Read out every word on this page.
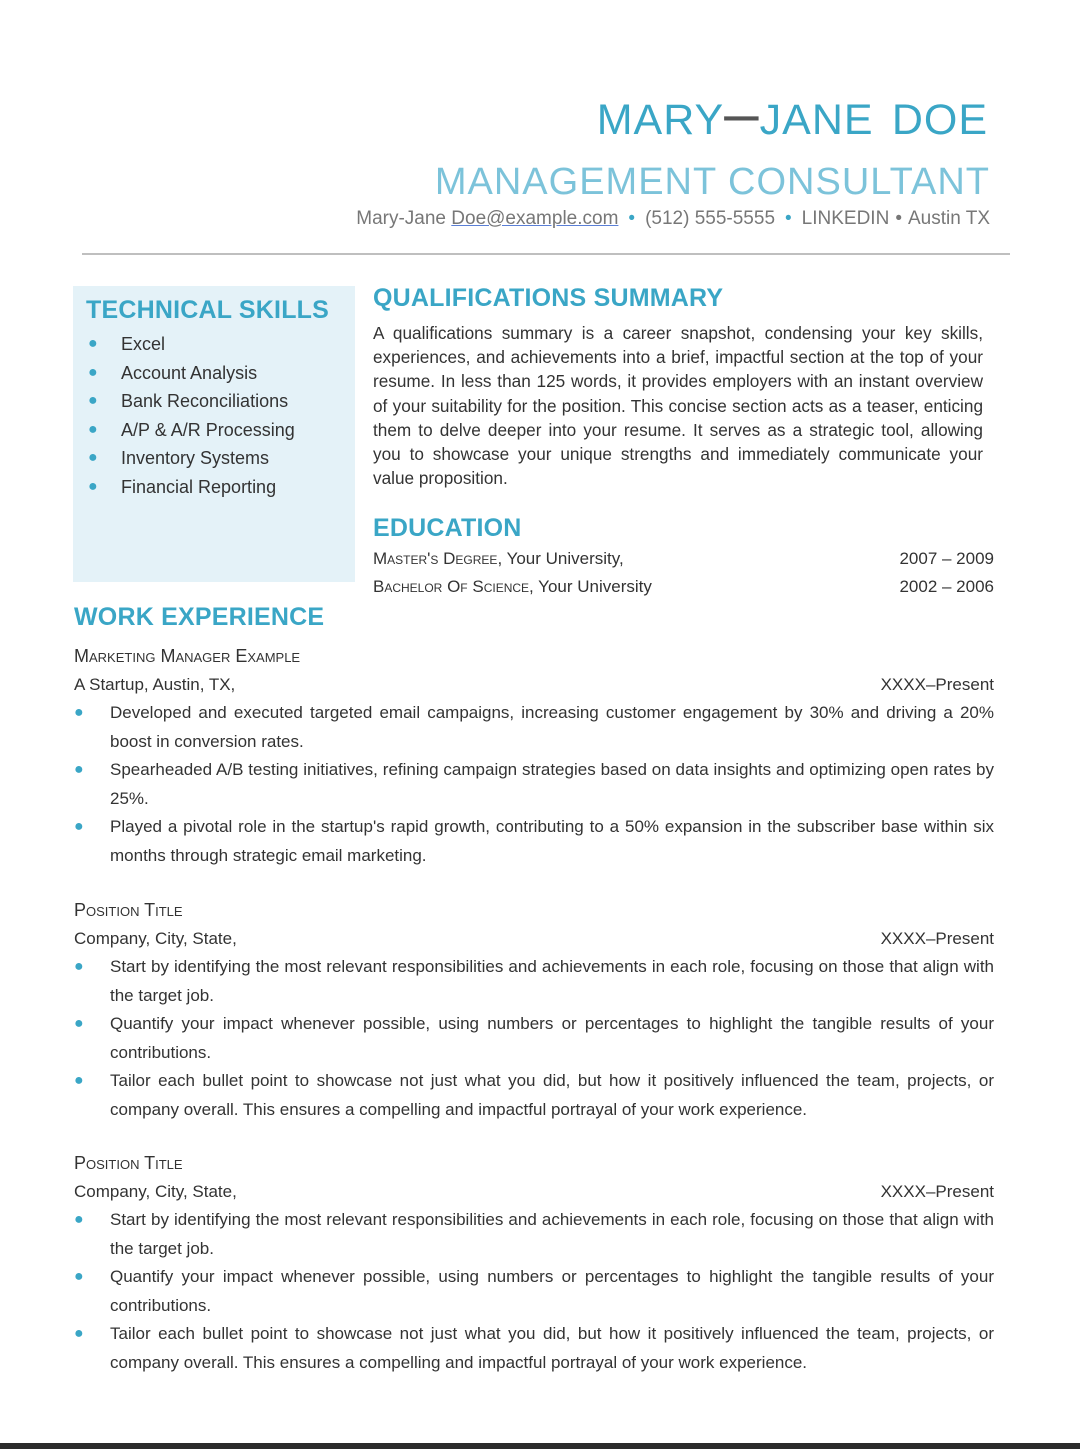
mary–jane doe
MANAGEMENT CONSULTANT
Mary-Jane Doe@example.com • (512) 555-5555 • LINKEDIN • Austin TX
TECHNICAL SKILLS
● Excel
● Account Analysis
● Bank Reconciliations
● A/P & A/R Processing
● Inventory Systems
● Financial Reporting
QUALIFICATIONS SUMMARY
A qualifications summary is a career snapshot, condensing your key skills, experiences, and achievements into a brief, impactful section at the top of your resume. In less than 125 words, it provides employers with an instant overview of your suitability for the position. This concise section acts as a teaser, enticing them to delve deeper into your resume. It serves as a strategic tool, allowing you to showcase your unique strengths and immediately communicate your value proposition.
EDUCATION
Master's Degree, Your University,	2007 – 2009
Bachelor Of Science, Your University	2002 – 2006
WORK EXPERIENCE
Marketing Manager Example
A Startup, Austin, TX,	XXXX–Present
● Developed and executed targeted email campaigns, increasing customer engagement by 30% and driving a 20% boost in conversion rates.
● Spearheaded A/B testing initiatives, refining campaign strategies based on data insights and optimizing open rates by 25%.
● Played a pivotal role in the startup's rapid growth, contributing to a 50% expansion in the subscriber base within six months through strategic email marketing.
Position Title
Company, City, State,	XXXX–Present
● Start by identifying the most relevant responsibilities and achievements in each role, focusing on those that align with the target job.
● Quantify your impact whenever possible, using numbers or percentages to highlight the tangible results of your contributions.
● Tailor each bullet point to showcase not just what you did, but how it positively influenced the team, projects, or company overall. This ensures a compelling and impactful portrayal of your work experience.
Position Title
Company, City, State,	XXXX–Present
● Start by identifying the most relevant responsibilities and achievements in each role, focusing on those that align with the target job.
● Quantify your impact whenever possible, using numbers or percentages to highlight the tangible results of your contributions.
● Tailor each bullet point to showcase not just what you did, but how it positively influenced the team, projects, or company overall. This ensures a compelling and impactful portrayal of your work experience.
